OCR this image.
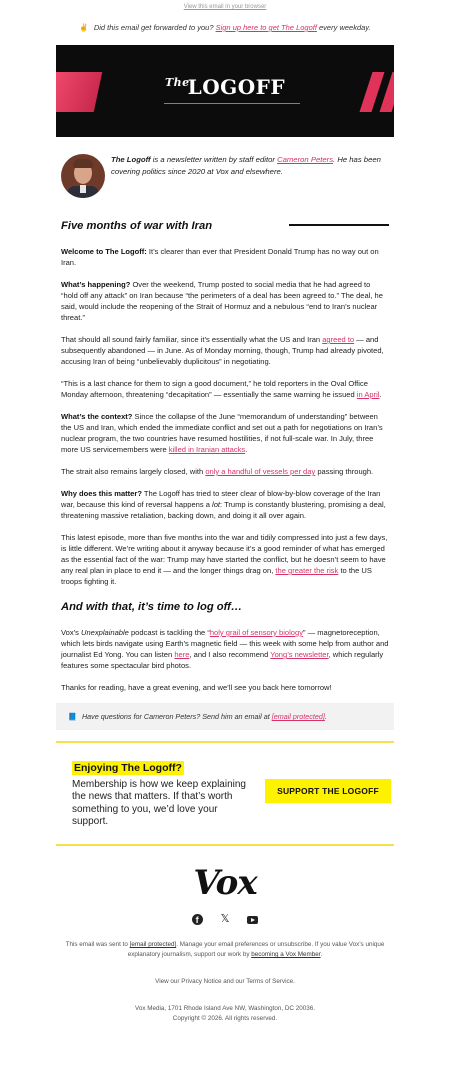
View this email in your browser
✌ Did this email get forwarded to you? Sign up here to get The Logoff every weekday.
$^{The}$LOGOFF
The Logoff is a newsletter written by staff editor Cameron Peters. He has been covering politics since 2020 at Vox and elsewhere.
Five months of war with Iran

Welcome to The Logoff: It’s clearer than ever that President Donald Trump has no way out on Iran.

What’s happening? Over the weekend, Trump posted to social media that he had agreed to “hold off any attack” on Iran because “the perimeters of a deal has been agreed to.” The deal, he said, would include the reopening of the Strait of Hormuz and a nebulous “end to Iran’s nuclear threat.”

That should all sound fairly familiar, since it’s essentially what the US and Iran agreed to — and subsequently abandoned — in June. As of Monday morning, though, Trump had already pivoted, accusing Iran of being “unbelievably duplicitous” in negotiating.

“This is a last chance for them to sign a good document,” he told reporters in the Oval Office Monday afternoon, threatening “decapitation” — essentially the same warning he issued in April.

What’s the context? Since the collapse of the June “memorandum of understanding” between the US and Iran, which ended the immediate conflict and set out a path for negotiations on Iran’s nuclear program, the two countries have resumed hostilities, if not full-scale war. In July, three more US servicemembers were killed in Iranian attacks.

The strait also remains largely closed, with only a handful of vessels per day passing through.

Why does this matter? The Logoff has tried to steer clear of blow-by-blow coverage of the Iran war, because this kind of reversal happens a lot: Trump is constantly blustering, promising a deal, threatening massive retaliation, backing down, and doing it all over again.

This latest episode, more than five months into the war and tidily compressed into just a few days, is little different. We’re writing about it anyway because it’s a good reminder of what has emerged as the essential fact of the war: Trump may have started the conflict, but he doesn’t seem to have any real plan in place to end it — and the longer things drag on, the greater the risk to the US troops fighting it.

And with that, it’s time to log off…

Vox’s Unexplainable podcast is tackling the “holy grail of sensory biology” — magnetoreception, which lets birds navigate using Earth’s magnetic field — this week with some help from author and journalist Ed Yong. You can listen here, and I also recommend Yong’s newsletter, which regularly features some spectacular bird photos.

Thanks for reading, have a great evening, and we’ll see you back here tomorrow!

📘 Have questions for Cameron Peters? Send him an email at [email protected].
Enjoying The Logoff?
Membership is how we keep explaining the news that matters. If that’s worth something to you, we’d love your support.
SUPPORT THE LOGOFF
Vox
f	𝕏
This email was sent to [email protected]. Manage your email preferences or unsubscribe. If you value Vox’s unique explanatory journalism, support our work by becoming a Vox Member.
View our Privacy Notice and our Terms of Service.
Vox Media, 1701 Rhode Island Ave NW, Washington, DC 20036.
Copyright © 2026. All rights reserved.
